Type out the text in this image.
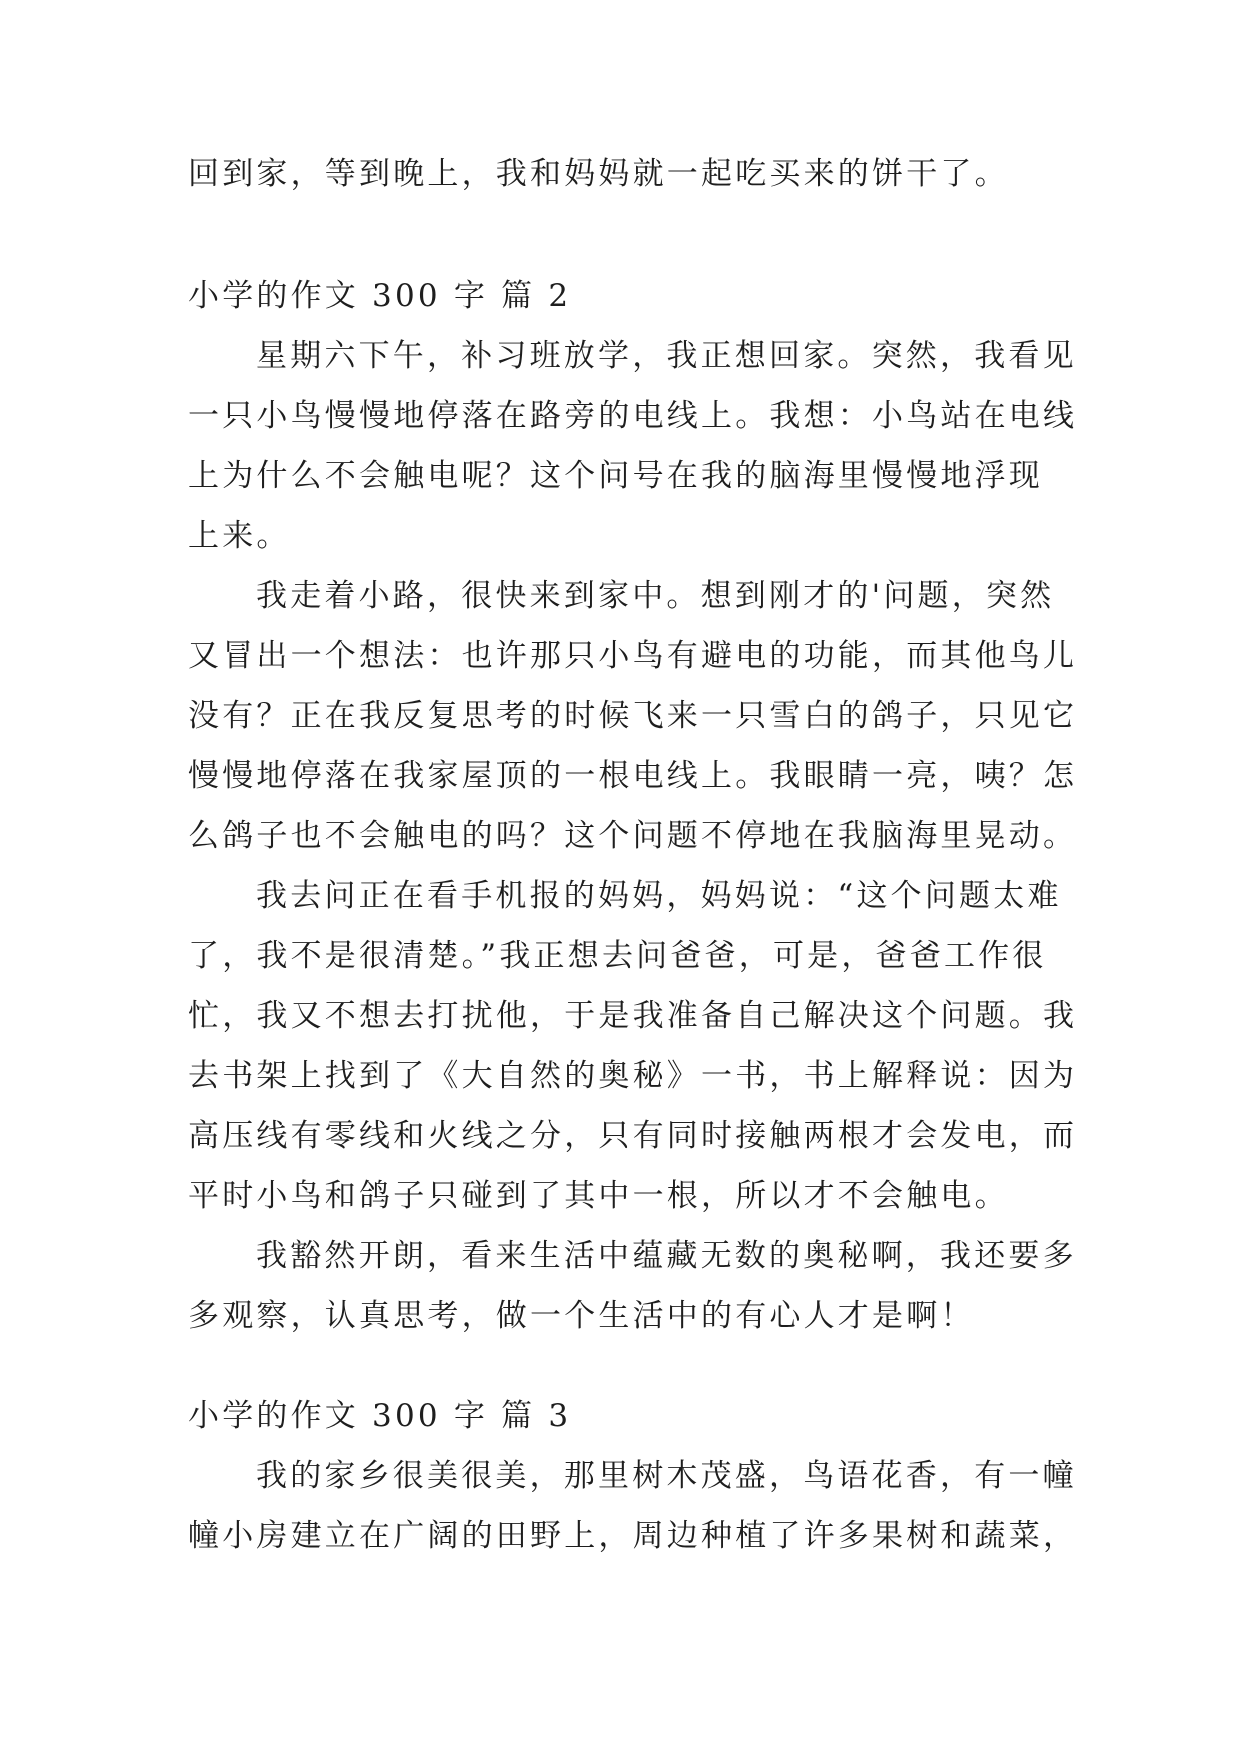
回到家，等到晚上，我和妈妈就一起吃买来的饼干了。
小学的作文 300 字 篇 2
星期六下午，补习班放学，我正想回家。突然，我看见
一只小鸟慢慢地停落在路旁的电线上。我想：小鸟站在电线
上为什么不会触电呢？这个问号在我的脑海里慢慢地浮现
上来。
我走着小路，很快来到家中。想到刚才的'问题，突然
又冒出一个想法：也许那只小鸟有避电的功能，而其他鸟儿
没有？正在我反复思考的时候飞来一只雪白的鸽子，只见它
慢慢地停落在我家屋顶的一根电线上。我眼睛一亮，咦？怎
么鸽子也不会触电的吗？这个问题不停地在我脑海里晃动。
我去问正在看手机报的妈妈，妈妈说：“这个问题太难
了，我不是很清楚。”我正想去问爸爸，可是，爸爸工作很
忙，我又不想去打扰他，于是我准备自己解决这个问题。我
去书架上找到了《大自然的奥秘》一书，书上解释说：因为
高压线有零线和火线之分，只有同时接触两根才会发电，而
平时小鸟和鸽子只碰到了其中一根，所以才不会触电。
我豁然开朗，看来生活中蕴藏无数的奥秘啊，我还要多
多观察，认真思考，做一个生活中的有心人才是啊！
小学的作文 300 字 篇 3
我的家乡很美很美，那里树木茂盛，鸟语花香，有一幢
幢小房建立在广阔的田野上，周边种植了许多果树和蔬菜，
